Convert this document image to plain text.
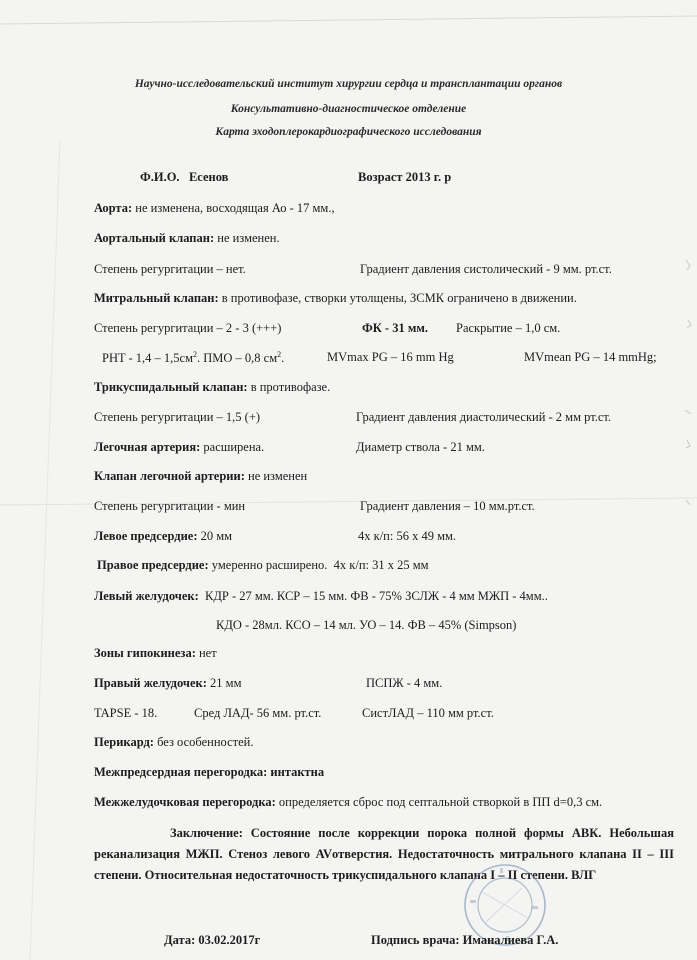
Научно-исследовательский институт хирургии сердца и трансплантации органов
Консультативно-диагностическое отделение
Карта эходоплерокардиографического исследования
Ф.И.О. Есенов	Возраст 2013 г. р
Аорта: не изменена, восходящая Ао - 17 мм.,
Аортальный клапан: не изменен.
Степень регургитации – нет.	Градиент давления систолический - 9 мм. рт.ст.
Митральный клапан: в противофазе, створки утолщены, ЗСМК ограничено в движении.
Степень регургитации – 2 - 3 (+++)	ФК - 31 мм. Раскрытие – 1,0 см.
PHT - $1,4 - 1,5см^2$. ПМО – 0,8 $см^2$.	MVmax PG – 16 mm Hg	MVmean PG – 14 mmHg;
Трикуспидальный клапан: в противофазе.
Степень регургитации – 1,5 (+)	Градиент давления диастолический - 2 мм рт.ст.
Легочная артерия: расширена.	Диаметр ствола - 21 мм.
Клапан легочной артерии: не изменен
Степень регургитации - мин	Градиент давления – 10 мм.рт.ст.
Левое предсердие: 20 мм	4х к/п: 56 х 49 мм.
Правое предсердие: умеренно расширено. 4х к/п: 31 х 25 мм
Левый желудочек: КДР - 27 мм. КСР – 15 мм. ФВ - 75% ЗСЛЖ - 4 мм МЖП - 4мм..
КДО - 28мл. КСО – 14 мл. УО – 14. ФВ – 45% (Simpson)
Зоны гипокинеза: нет
Правый желудочек: 21 мм	ПСПЖ - 4 мм.
TAPSE - 18.	Сред ЛАД- 56 мм. рт.ст.	СистЛАД – 110 мм рт.ст.
Перикард: без особенностей.
Межпредсердная перегородка: интактна
Межжелудочковая перегородка: определяется сброс под септальной створкой в ПП d=0,3 см.
Заключение: Состояние после коррекции порока полной формы АВК. Небольшая реканализация МЖП. Стеноз левого AVотверстия. Недостаточность митрального клапана II – III степени. Относительная недостаточность трикуспидального клапана I – II степени. ВЛГ
Дата: 03.02.2017г	Подпись врача: Иманалиева Г.А.
